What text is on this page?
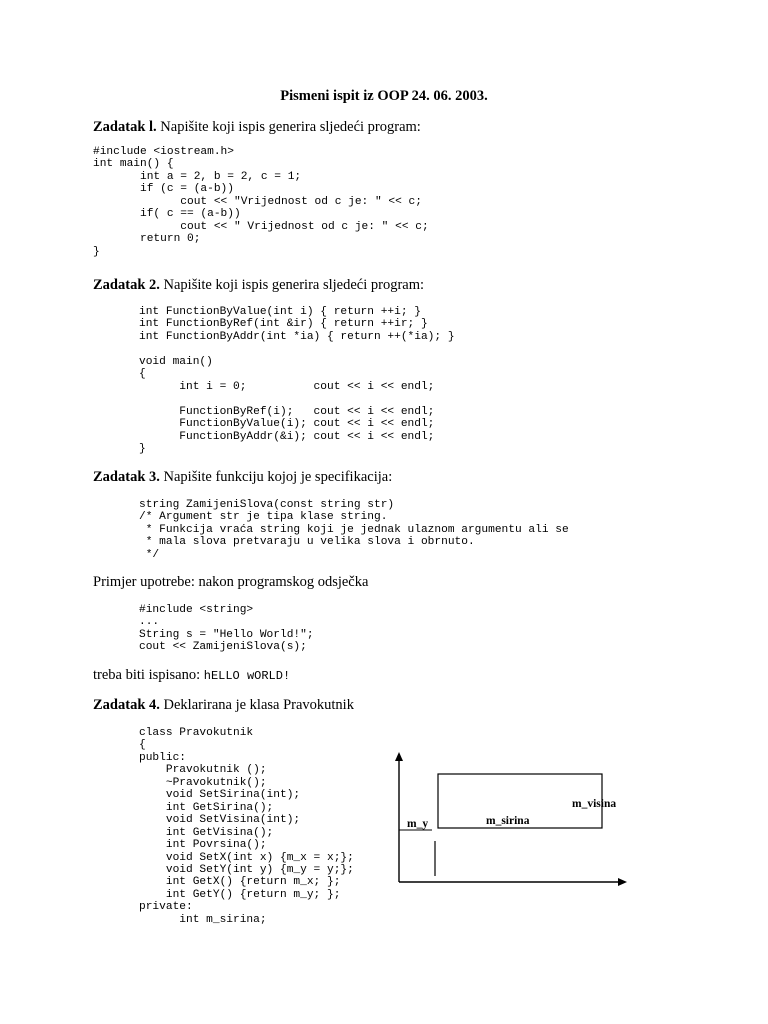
Pismeni ispit iz OOP 24. 06. 2003.
Zadatak l. Napišite koji ispis generira sljedeći program:
#include <iostream.h>
int main() {
int a = 2, b = 2, c = 1;
if (c = (a-b))
cout << "Vrijednost od c je: " << c;
if( c == (a-b))
cout << " Vrijednost od c je: " << c;
return 0;
}
Zadatak 2. Napišite koji ispis generira sljedeći program:
int FunctionByValue(int i) { return ++i; }
int FunctionByRef(int &ir) { return ++ir; }
int FunctionByAddr(int *ia) { return ++(*ia); }

void main()
{
int i = 0;          cout << i << endl;

FunctionByRef(i);   cout << i << endl;
FunctionByValue(i); cout << i << endl;
FunctionByAddr(&i); cout << i << endl;
}
Zadatak 3. Napišite funkciju kojoj je specifikacija:
string ZamijeniSlova(const string str)
/* Argument str je tipa klase string.
* Funkcija vraća string koji je jednak ulaznom argumentu ali se
* mala slova pretvaraju u velika slova i obrnuto.
*/
Primjer upotrebe: nakon programskog odsječka
#include <string>
...
String s = "Hello World!";
cout << ZamijeniSlova(s);
treba biti ispisano: hELLO wORLD!
Zadatak 4. Deklarirana je klasa Pravokutnik
class Pravokutnik
{
public:
Pravokutnik ();
~Pravokutnik();
void SetSirina(int);
int GetSirina();
void SetVisina(int);
int GetVisina();
int Povrsina();
void SetX(int x) {m_x = x;};
void SetY(int y) {m_y = y;};
int GetX() {return m_x; };
int GetY() {return m_y; };
private:
int m_sirina;
m_y	m_sirina
m_visina
